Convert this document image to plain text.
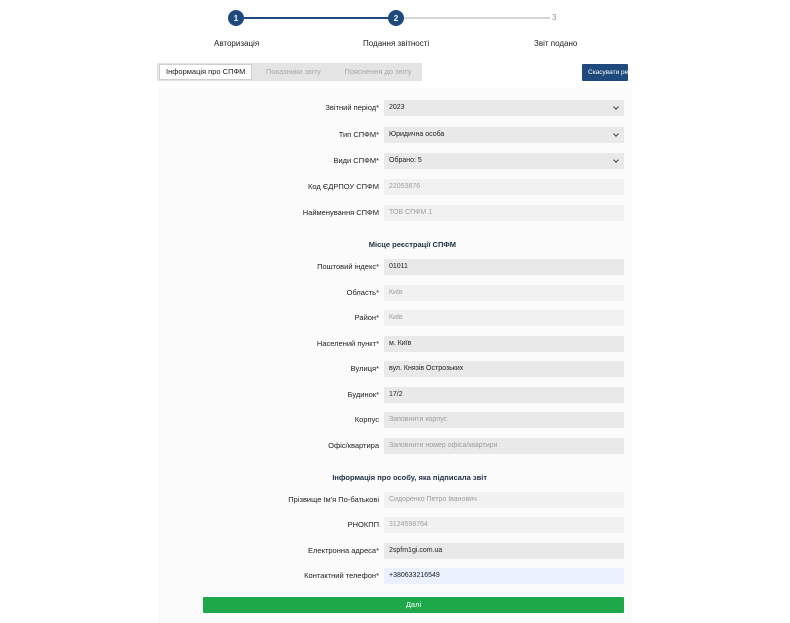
1	2	3
Авторизація	Подання звітності	Звіт подано
Інформація про СПФМ	Показники звіту	Пояснення до звіту	Скасувати ре
Звітний період*	2023
Тип СПФМ*	Юридична особа
Види СПФМ*	Обрано: 5
Код ЄДРПОУ СПФМ	22053876
Найменування СПФМ	ТОВ СПФМ 1
Місце реєстрації СПФМ
Поштовий індекс*	01011
Область*	Київ
Район*	Київ
Населений пункт*	м. Київ
Вулиця*	вул. Князів Острозьких
Будинок*	17/2
Корпус	Заповнити корпус
Офіс/квартира	Заповнити номер офіса/квартири
Інформація про особу, яка підписала звіт
Прізвище Ім'я По-батькові	Сидоренко Петро Іванович
РНОКПП	3124598764
Електронна адреса*	2spfm1gi.com.ua
Контактний телефон*	+380633216549
Далі
